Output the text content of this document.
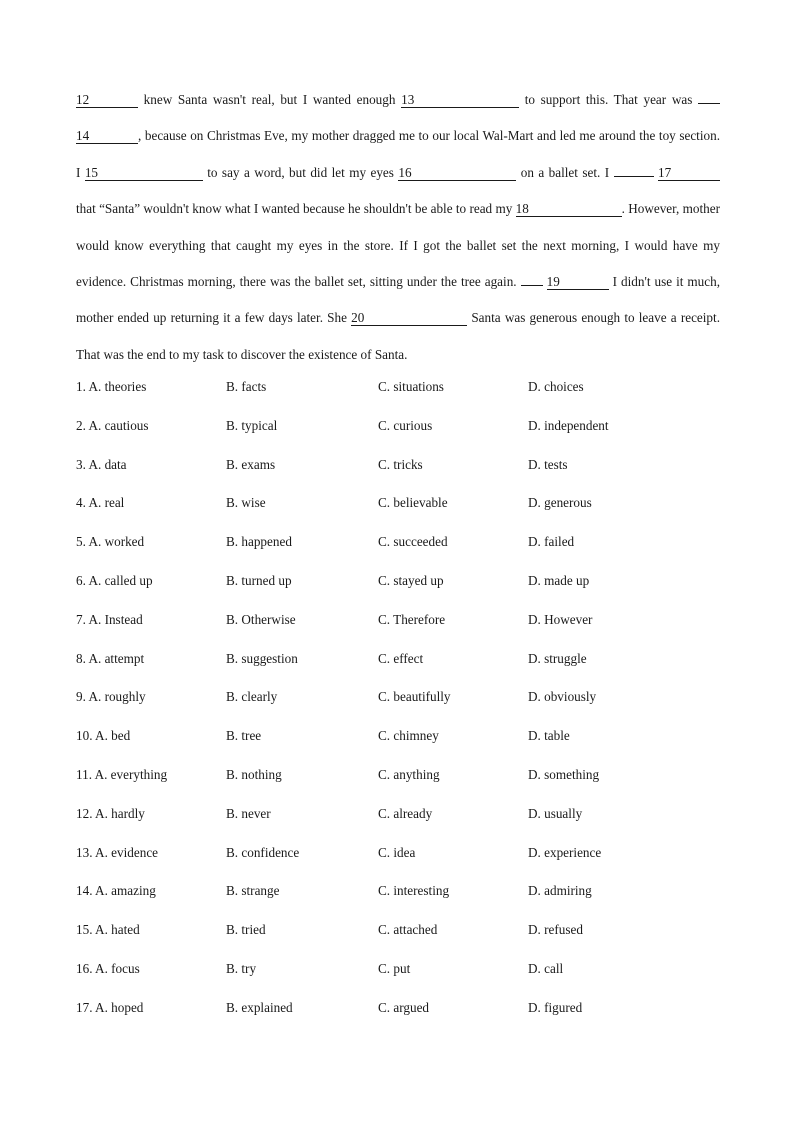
12	knew Santa wasn't real, but I wanted enough 13	to support this. That year was  14	, because on Christmas Eve, my mother dragged me to our local Wal-Mart and led me around the toy section. I 15	to say a word, but did let my eyes 16	on a ballet set. I	17 that “Santa” wouldn't know what I wanted because he shouldn't be able to read my 18	. However, mother would know everything that caught my eyes in the store. If I got the ballet set the next morning, I would have my evidence. Christmas morning, there was the ballet set, sitting under the tree again.  19	I didn't use it much, mother ended up returning it a few days later. She 20	Santa was generous enough to leave a receipt. That was the end to my task to discover the existence of Santa.
1. A. theories	B. facts	C. situations	D. choices
2. A. cautious	B. typical	C. curious	D. independent
3. A. data	B. exams	C. tricks	D. tests
4. A. real	B. wise	C. believable	D. generous
5. A. worked	B. happened	C. succeeded	D. failed
6. A. called up	B. turned up	C. stayed up	D. made up
7. A. Instead	B. Otherwise	C. Therefore	D. However
8. A. attempt	B. suggestion	C. effect	D. struggle
9. A. roughly	B. clearly	C. beautifully	D. obviously
10. A. bed	B. tree	C. chimney	D. table
11. A. everything	B. nothing	C. anything	D. something
12. A. hardly	B. never	C. already	D. usually
13. A. evidence	B. confidence	C. idea	D. experience
14. A. amazing	B. strange	C. interesting	D. admiring
15. A. hated	B. tried	C. attached	D. refused
16. A. focus	B. try	C. put	D. call
17. A. hoped	B. explained	C. argued	D. figured
